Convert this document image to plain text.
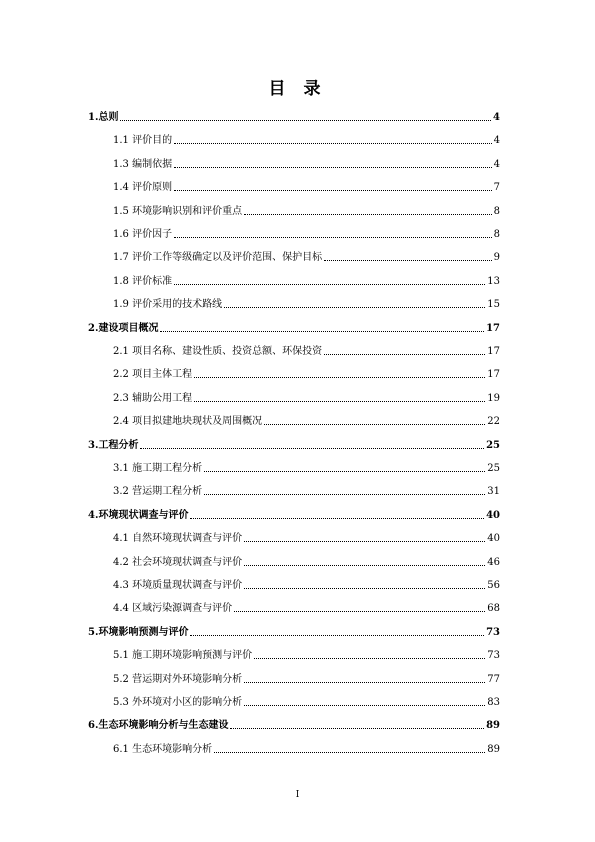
目 录
1.总则	4
1.1 评价目的	4
1.3 编制依据	4
1.4 评价原则	7
1.5 环境影响识别和评价重点	8
1.6 评价因子	8
1.7 评价工作等级确定以及评价范围、保护目标	9
1.8 评价标准	13
1.9 评价采用的技术路线	15
2.建设项目概况	17
2.1 项目名称、建设性质、投资总额、环保投资	17
2.2 项目主体工程	17
2.3 辅助公用工程	19
2.4 项目拟建地块现状及周围概况	22
3.工程分析	25
3.1 施工期工程分析	25
3.2 营运期工程分析	31
4.环境现状调查与评价	40
4.1 自然环境现状调查与评价	40
4.2 社会环境现状调查与评价	46
4.3 环境质量现状调查与评价	56
4.4 区域污染源调查与评价	68
5.环境影响预测与评价	73
5.1 施工期环境影响预测与评价	73
5.2 营运期对外环境影响分析	77
5.3 外环境对小区的影响分析	83
6.生态环境影响分析与生态建设	89
6.1 生态环境影响分析	89
I
